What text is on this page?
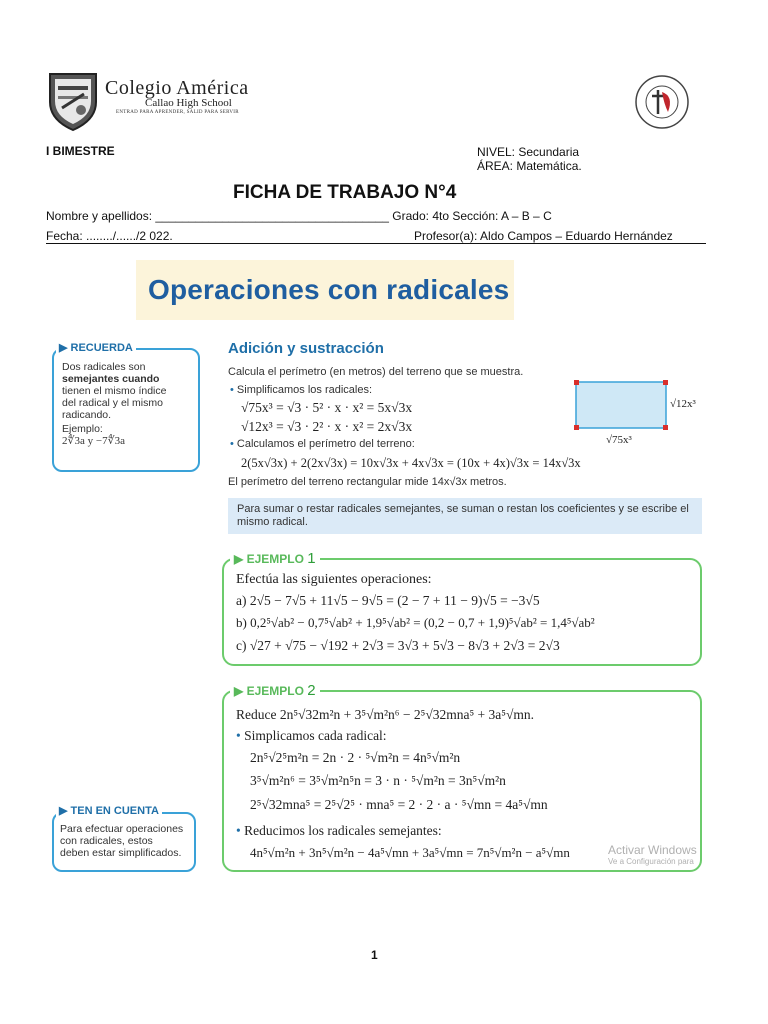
Colegio América
Callao High School
ENTRAD PARA APRENDER, SALID PARA SERVIR
I BIMESTRE	NIVEL: Secundaria
ÁREA: Matemática.
FICHA DE TRABAJO N°4
Nombre y apellidos: ___________________________________ Grado: 4to Sección: A – B – C
Fecha: ......../....../2 022.	Profesor(a): Aldo Campos – Eduardo Hernández
Operaciones con radicales
▶ RECUERDA
Dos radicales son
semejantes cuando
tienen el mismo índice
del radical y el mismo
radicando.
Ejemplo:
2∜3a y −7∜3a
Adición y sustracción
Calcula el perímetro (en metros) del terreno que se muestra.
• Simplificamos los radicales:
√75x³ = √3 · 5² · x · x² = 5x√3x
√12x³ = √3 · 2² · x · x² = 2x√3x
• Calculamos el perímetro del terreno:
2(5x√3x) + 2(2x√3x) = 10x√3x + 4x√3x = (10x + 4x)√3x = 14x√3x
El perímetro del terreno rectangular mide 14x√3x metros.
√12x³
√75x³
Para sumar o restar radicales semejantes, se suman o restan los coeficientes y se escribe el
mismo radical.
▶ EJEMPLO 1
Efectúa las siguientes operaciones:
a) 2√5 − 7√5 + 11√5 − 9√5 = (2 − 7 + 11 − 9)√5 = −3√5
b) 0,2⁵√ab² − 0,7⁵√ab² + 1,9⁵√ab² = (0,2 − 0,7 + 1,9)⁵√ab² = 1,4⁵√ab²
c) √27 + √75 − √192 + 2√3 = 3√3 + 5√3 − 8√3 + 2√3 = 2√3
▶ EJEMPLO 2
Reduce 2n⁵√32m²n + 3⁵√m²n⁶ − 2⁵√32mna⁵ + 3a⁵√mn.
• Simplicamos cada radical:
2n⁵√2⁵m²n = 2n · 2 · ⁵√m²n = 4n⁵√m²n
3⁵√m²n⁶ = 3⁵√m²n⁵n = 3 · n · ⁵√m²n = 3n⁵√m²n
2⁵√32mna⁵ = 2⁵√2⁵ · mna⁵ = 2 · 2 · a · ⁵√mn = 4a⁵√mn
• Reducimos los radicales semejantes:
4n⁵√m²n + 3n⁵√m²n − 4a⁵√mn + 3a⁵√mn = 7n⁵√m²n − a⁵√mn
▶ TEN EN CUENTA
Para efectuar operaciones
con radicales, estos
deben estar simplificados.	Activar Windows
Ve a Configuración para
1
